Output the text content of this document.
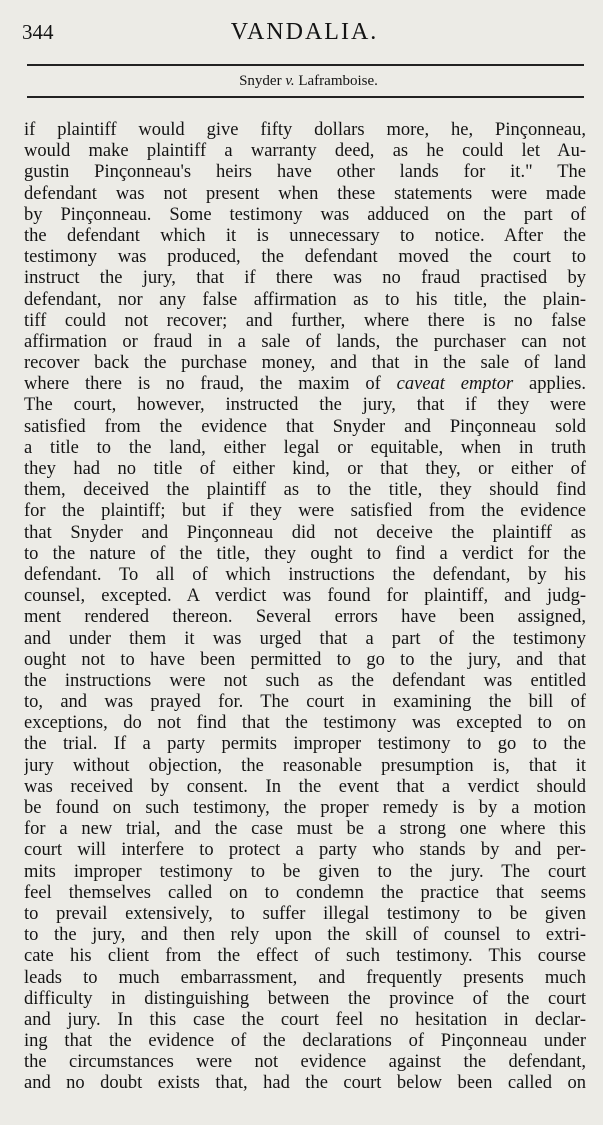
344	VANDALIA.
Snyder v. Laframboise.
if plaintiff would give fifty dollars more, he, Pinçonneau,
would make plaintiff a warranty deed, as he could let Au-
gustin Pinçonneau's heirs have other lands for it." The
defendant was not present when these statements were made
by Pinçonneau. Some testimony was adduced on the part of
the defendant which it is unnecessary to notice. After the
testimony was produced, the defendant moved the court to
instruct the jury, that if there was no fraud practised by
defendant, nor any false affirmation as to his title, the plain-
tiff could not recover; and further, where there is no false
affirmation or fraud in a sale of lands, the purchaser can not
recover back the purchase money, and that in the sale of land
where there is no fraud, the maxim of caveat emptor applies.
The court, however, instructed the jury, that if they were
satisfied from the evidence that Snyder and Pinçonneau sold
a title to the land, either legal or equitable, when in truth
they had no title of either kind, or that they, or either of
them, deceived the plaintiff as to the title, they should find
for the plaintiff; but if they were satisfied from the evidence
that Snyder and Pinçonneau did not deceive the plaintiff as
to the nature of the title, they ought to find a verdict for the
defendant. To all of which instructions the defendant, by his
counsel, excepted. A verdict was found for plaintiff, and judg-
ment rendered thereon. Several errors have been assigned,
and under them it was urged that a part of the testimony
ought not to have been permitted to go to the jury, and that
the instructions were not such as the defendant was entitled
to, and was prayed for. The court in examining the bill of
exceptions, do not find that the testimony was excepted to on
the trial. If a party permits improper testimony to go to the
jury without objection, the reasonable presumption is, that it
was received by consent. In the event that a verdict should
be found on such testimony, the proper remedy is by a motion
for a new trial, and the case must be a strong one where this
court will interfere to protect a party who stands by and per-
mits improper testimony to be given to the jury. The court
feel themselves called on to condemn the practice that seems
to prevail extensively, to suffer illegal testimony to be given
to the jury, and then rely upon the skill of counsel to extri-
cate his client from the effect of such testimony. This course
leads to much embarrassment, and frequently presents much
difficulty in distinguishing between the province of the court
and jury. In this case the court feel no hesitation in declar-
ing that the evidence of the declarations of Pinçonneau under
the circumstances were not evidence against the defendant,
and no doubt exists that, had the court below been called on
